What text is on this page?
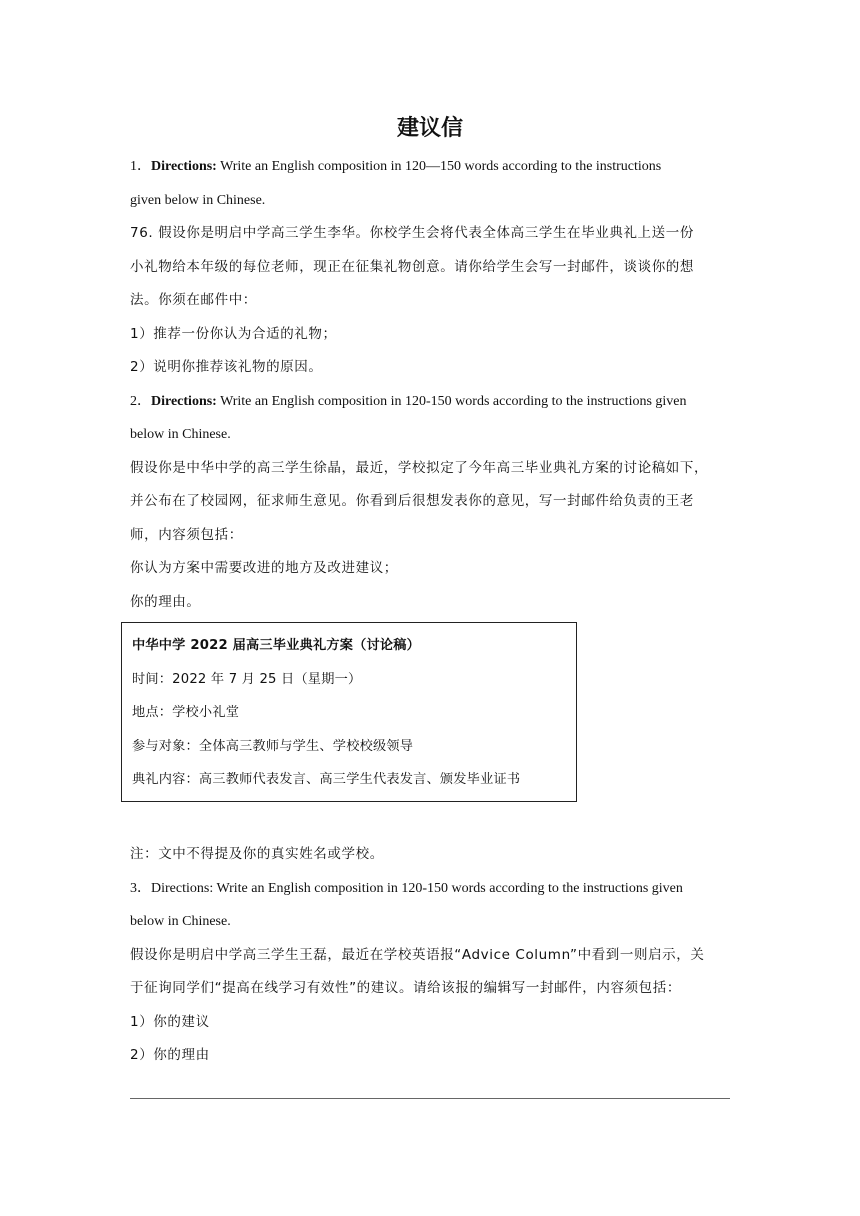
建议信
1．Directions: Write an English composition in 120—150 words according to the instructions
given below in Chinese.
76. 假设你是明启中学高三学生李华。你校学生会将代表全体高三学生在毕业典礼上送一份
小礼物给本年级的每位老师，现正在征集礼物创意。请你给学生会写一封邮件，谈谈你的想
法。你须在邮件中：
1）推荐一份你认为合适的礼物；
2）说明你推荐该礼物的原因。
2．Directions: Write an English composition in 120-150 words according to the instructions given
below in Chinese.
假设你是中华中学的高三学生徐晶，最近，学校拟定了今年高三毕业典礼方案的讨论稿如下，
并公布在了校园网，征求师生意见。你看到后很想发表你的意见，写一封邮件给负责的王老
师，内容须包括：
你认为方案中需要改进的地方及改进建议；
你的理由。
中华中学 2022 届高三毕业典礼方案（讨论稿）
时间：2022 年 7 月 25 日（星期一）
地点：学校小礼堂
参与对象：全体高三教师与学生、学校校级领导
典礼内容：高三教师代表发言、高三学生代表发言、颁发毕业证书
注：文中不得提及你的真实姓名或学校。
3．Directions: Write an English composition in 120-150 words according to the instructions given
below in Chinese.
假设你是明启中学高三学生王磊，最近在学校英语报“Advice Column”中看到一则启示，关
于征询同学们“提高在线学习有效性”的建议。请给该报的编辑写一封邮件，内容须包括：
1）你的建议
2）你的理由
